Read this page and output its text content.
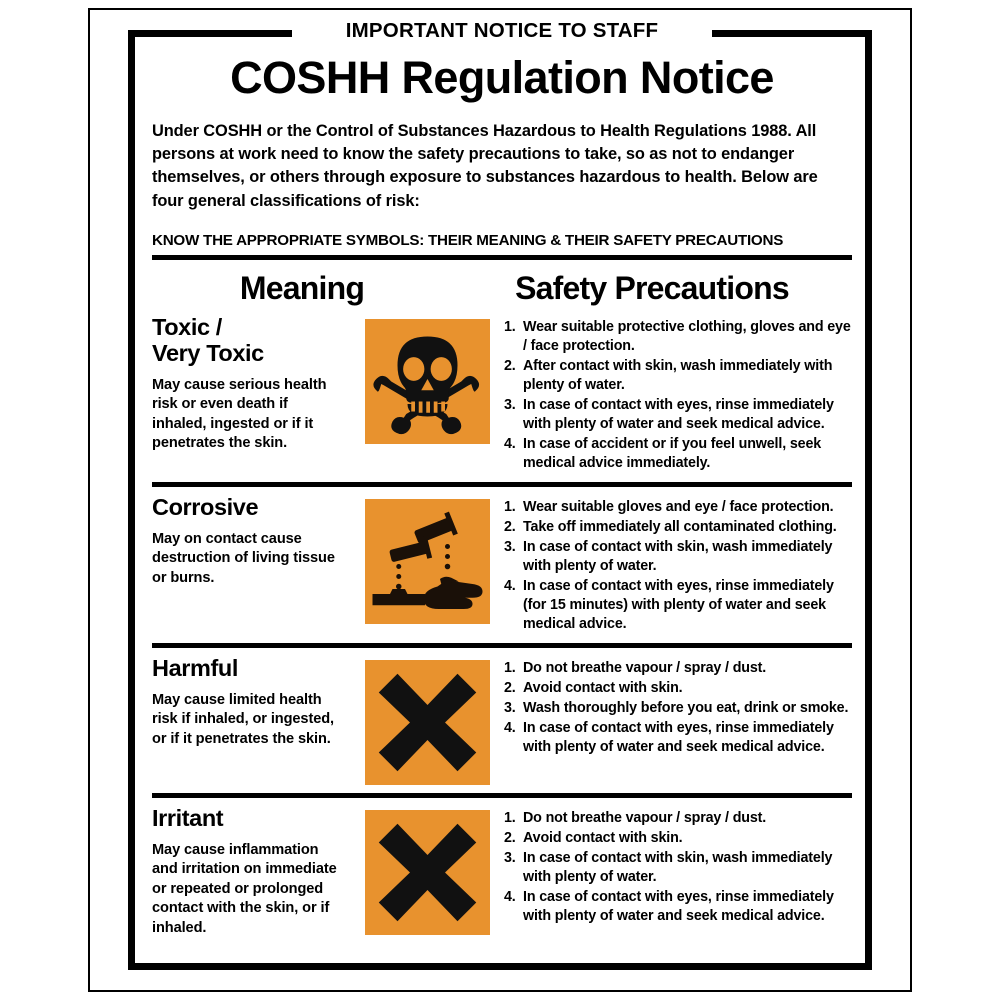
IMPORTANT NOTICE TO STAFF
COSHH Regulation Notice

Under COSHH or the Control of Substances Hazardous to Health Regulations 1988. All persons at work need to know the safety precautions to take, so as not to endanger themselves, or others through exposure to substances hazardous to health. Below are four general classifications of risk:

KNOW THE APPROPRIATE SYMBOLS: THEIR MEANING & THEIR SAFETY PRECAUTIONS
Meaning	Safety Precautions
Toxic /
Very Toxic
May cause serious health risk or even death if inhaled, ingested or if it penetrates the skin.
1. Wear suitable protective clothing, gloves and eye / face protection.
2. After contact with skin, wash immediately with plenty of water.
3. In case of contact with eyes, rinse immediately with plenty of water and seek medical advice.
4. In case of accident or if you feel unwell, seek medical advice immediately.
Corrosive
May on contact cause destruction of living tissue or burns.
1. Wear suitable gloves and eye / face protection.
2. Take off immediately all contaminated clothing.
3. In case of contact with skin, wash immediately with plenty of water.
4. In case of contact with eyes, rinse immediately (for 15 minutes) with plenty of water and seek medical advice.
Harmful
May cause limited health risk if inhaled, or ingested, or if it penetrates the skin.
1. Do not breathe vapour / spray / dust.
2. Avoid contact with skin.
3. Wash thoroughly before you eat, drink or smoke.
4. In case of contact with eyes, rinse immediately with plenty of water and seek medical advice.
Irritant
May cause inflammation and irritation on immediate or repeated or prolonged contact with the skin, or if inhaled.
1. Do not breathe vapour / spray / dust.
2. Avoid contact with skin.
3. In case of contact with skin, wash immediately with plenty of water.
4. In case of contact with eyes, rinse immediately with plenty of water and seek medical advice.
